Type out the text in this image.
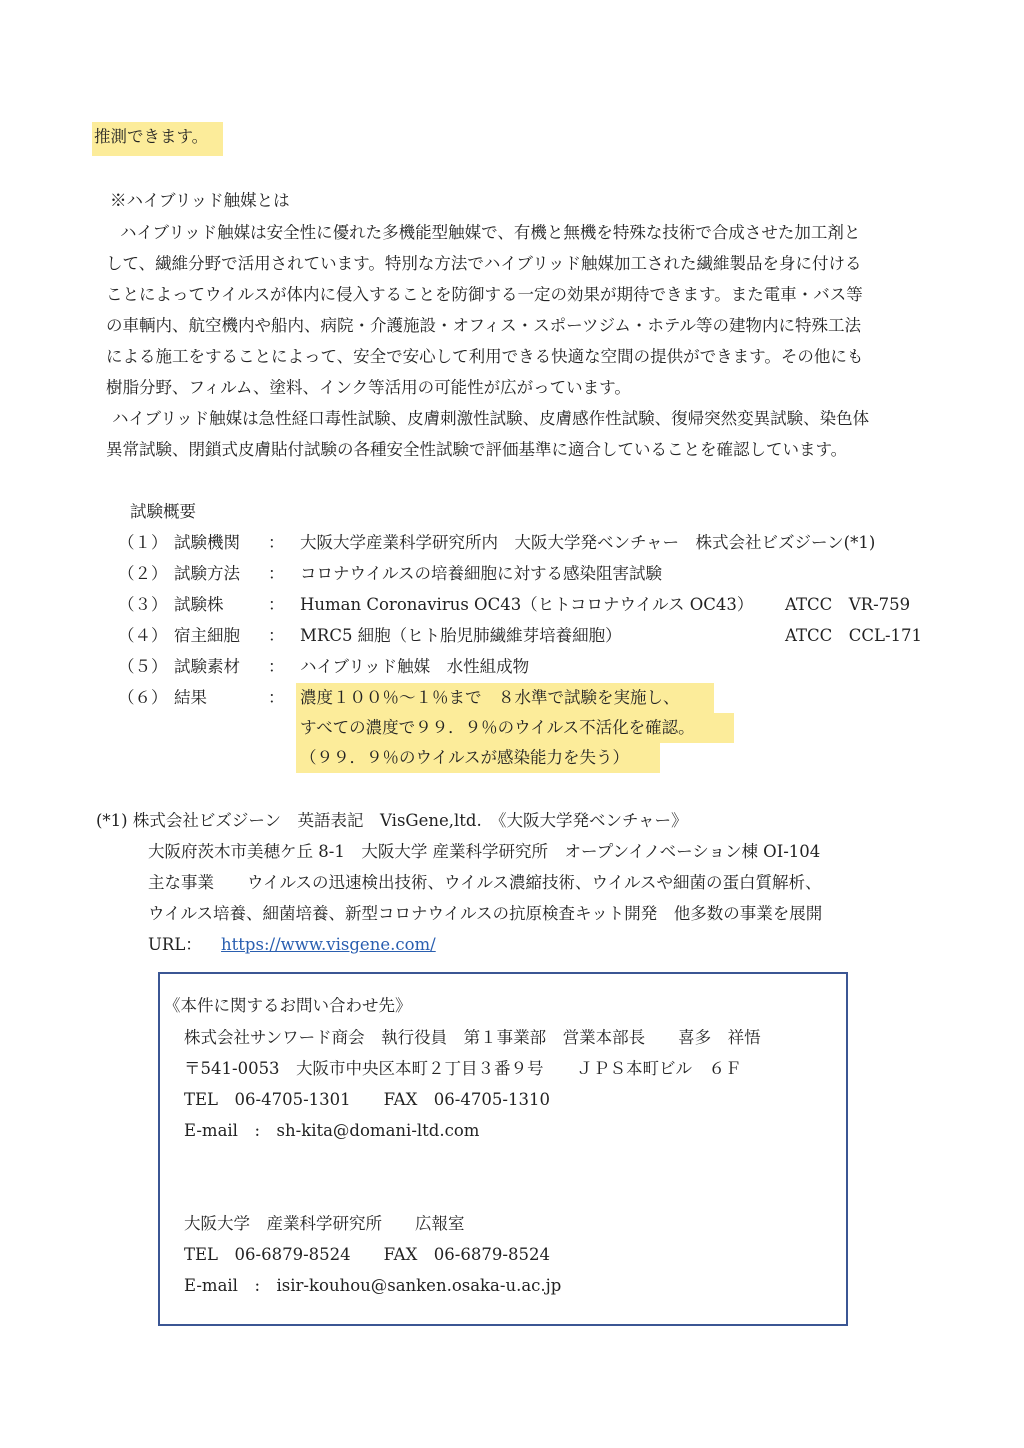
推測できます。
※ハイブリッド触媒とは
ハイブリッド触媒は安全性に優れた多機能型触媒で、有機と無機を特殊な技術で合成させた加工剤と
して、繊維分野で活用されています。特別な方法でハイブリッド触媒加工された繊維製品を身に付ける
ことによってウイルスが体内に侵入することを防御する一定の効果が期待できます。また電車・バス等
の車輌内、航空機内や船内、病院・介護施設・オフィス・スポーツジム・ホテル等の建物内に特殊工法
による施工をすることによって、安全で安心して利用できる快適な空間の提供ができます。その他にも
樹脂分野、フィルム、塗料、インク等活用の可能性が広がっています。
ハイブリッド触媒は急性経口毒性試験、皮膚刺激性試験、皮膚感作性試験、復帰突然変異試験、染色体
異常試験、閉鎖式皮膚貼付試験の各種安全性試験で評価基準に適合していることを確認しています。
試験概要
（１） 試験機関 ： 大阪大学産業科学研究所内　大阪大学発ベンチャー　株式会社ビズジーン(*1)
（２） 試験方法 ： コロナウイルスの培養細胞に対する感染阻害試験
（３） 試験株	： Human Coronavirus OC43（ヒトコロナウイルス OC43） ATCC　VR-759
（４） 宿主細胞 ： MRC5 細胞（ヒト胎児肺繊維芽培養細胞）	ATCC　CCL-171
（５） 試験素材 ： ハイブリッド触媒　水性組成物
（６） 結果	： 濃度１００％～１％まで　８水準で試験を実施し、
すべての濃度で９９．９％のウイルス不活化を確認。
（９９．９％のウイルスが感染能力を失う）
(*1) 株式会社ビズジーン　英語表記　VisGene,ltd.　《大阪大学発ベンチャー》
大阪府茨木市美穂ケ丘 8-1　大阪大学 産業科学研究所　オープンイノベーション棟 OI-104
主な事業　　ウイルスの迅速検出技術、ウイルス濃縮技術、ウイルスや細菌の蛋白質解析、
ウイルス培養、細菌培養、新型コロナウイルスの抗原検査キット開発　他多数の事業を展開
URL： https://www.visgene.com/
《本件に関するお問い合わせ先》
株式会社サンワード商会　執行役員　第１事業部　営業本部長　　喜多　祥悟
〒541-0053　大阪市中央区本町２丁目３番９号　　ＪＰＳ本町ビル　６Ｆ
TEL　06-4705-1301　　FAX　06-4705-1310
E-mail　:　sh-kita@domani-ltd.com
大阪大学　産業科学研究所　　広報室
TEL　06-6879-8524　　FAX　06-6879-8524
E-mail　:　isir-kouhou@sanken.osaka-u.ac.jp
